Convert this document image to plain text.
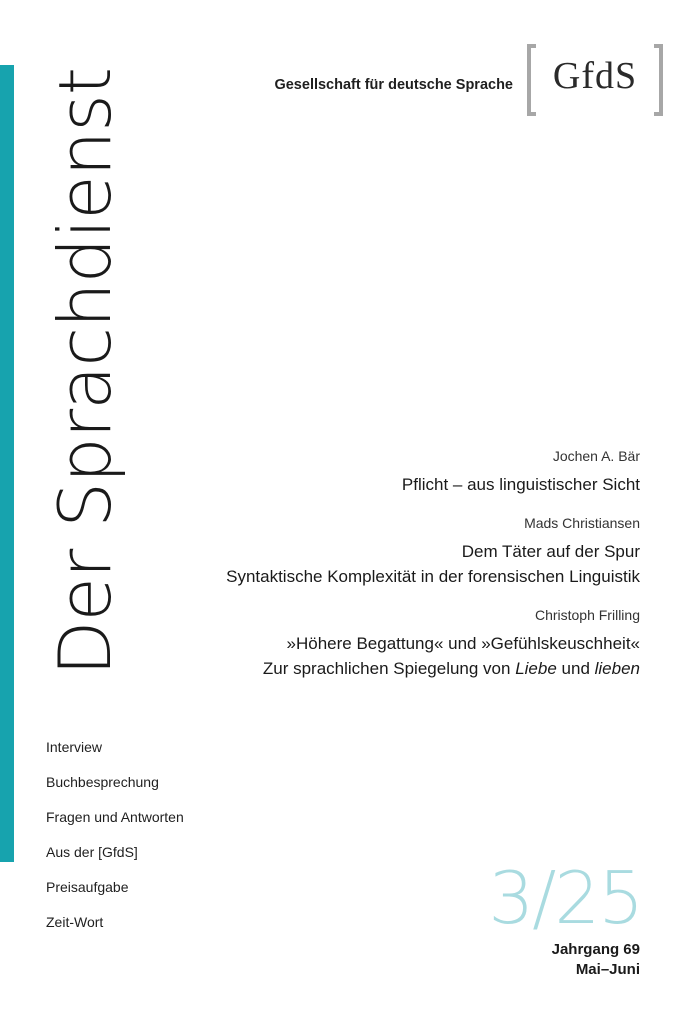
Der Sprachdienst	Gesellschaft für deutsche Sprache	GfdS
Jochen A. Bär
Pflicht – aus linguistischer Sicht
Mads Christiansen
Dem Täter auf der Spur
Syntaktische Komplexität in der forensischen Linguistik
Christoph Frilling
»Höhere Begattung« und »Gefühlskeuschheit«
Zur sprachlichen Spiegelung von Liebe und lieben
Interview
Buchbesprechung
Fragen und Antworten
Aus der [GfdS]
Preisaufgabe
Zeit-Wort	3/25
Jahrgang 69
Mai–Juni
